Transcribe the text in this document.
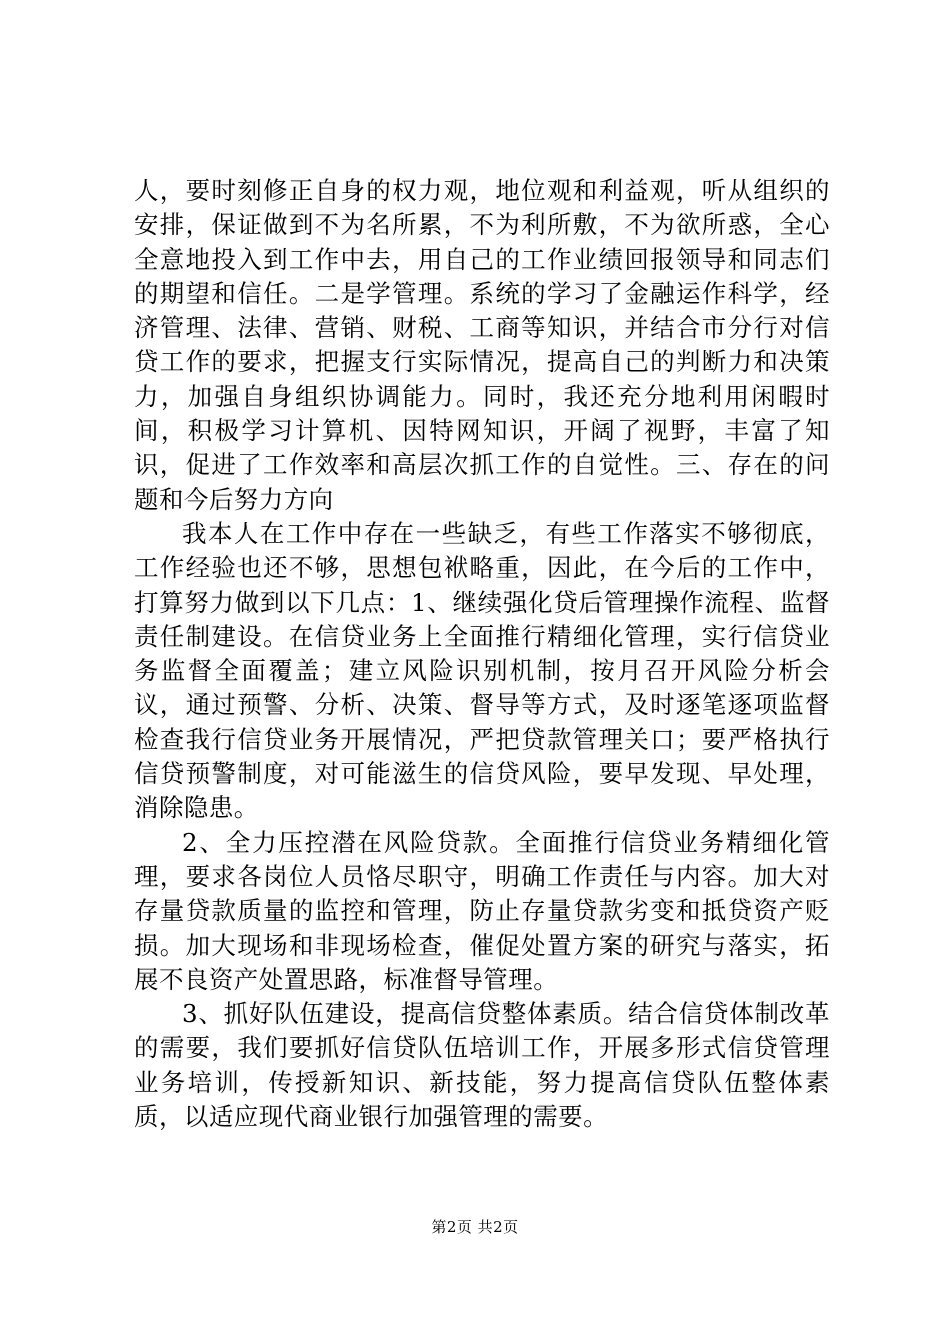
人，要时刻修正自身的权力观，地位观和利益观，听从组织的安排，保证做到不为名所累，不为利所敷，不为欲所惑，全心全意地投入到工作中去，用自己的工作业绩回报领导和同志们的期望和信任。二是学管理。系统的学习了金融运作科学，经济管理、法律、营销、财税、工商等知识，并结合市分行对信贷工作的要求，把握支行实际情况，提高自己的判断力和决策力，加强自身组织协调能力。同时，我还充分地利用闲暇时间，积极学习计算机、因特网知识，开阔了视野，丰富了知识，促进了工作效率和高层次抓工作的自觉性。三、存在的问题和今后努力方向

我本人在工作中存在一些缺乏，有些工作落实不够彻底，工作经验也还不够，思想包袱略重，因此，在今后的工作中，打算努力做到以下几点：1、继续强化贷后管理操作流程、监督责任制建设。在信贷业务上全面推行精细化管理，实行信贷业务监督全面覆盖；建立风险识别机制，按月召开风险分析会议，通过预警、分析、决策、督导等方式，及时逐笔逐项监督检查我行信贷业务开展情况，严把贷款管理关口；要严格执行信贷预警制度，对可能滋生的信贷风险，要早发现、早处理，消除隐患。

2、全力压控潜在风险贷款。全面推行信贷业务精细化管理，要求各岗位人员恪尽职守，明确工作责任与内容。加大对存量贷款质量的监控和管理，防止存量贷款劣变和抵贷资产贬损。加大现场和非现场检查，催促处置方案的研究与落实，拓展不良资产处置思路，标准督导管理。

3、抓好队伍建设，提高信贷整体素质。结合信贷体制改革的需要，我们要抓好信贷队伍培训工作，开展多形式信贷管理业务培训，传授新知识、新技能，努力提高信贷队伍整体素质，以适应现代商业银行加强管理的需要。

第2页 共2页
